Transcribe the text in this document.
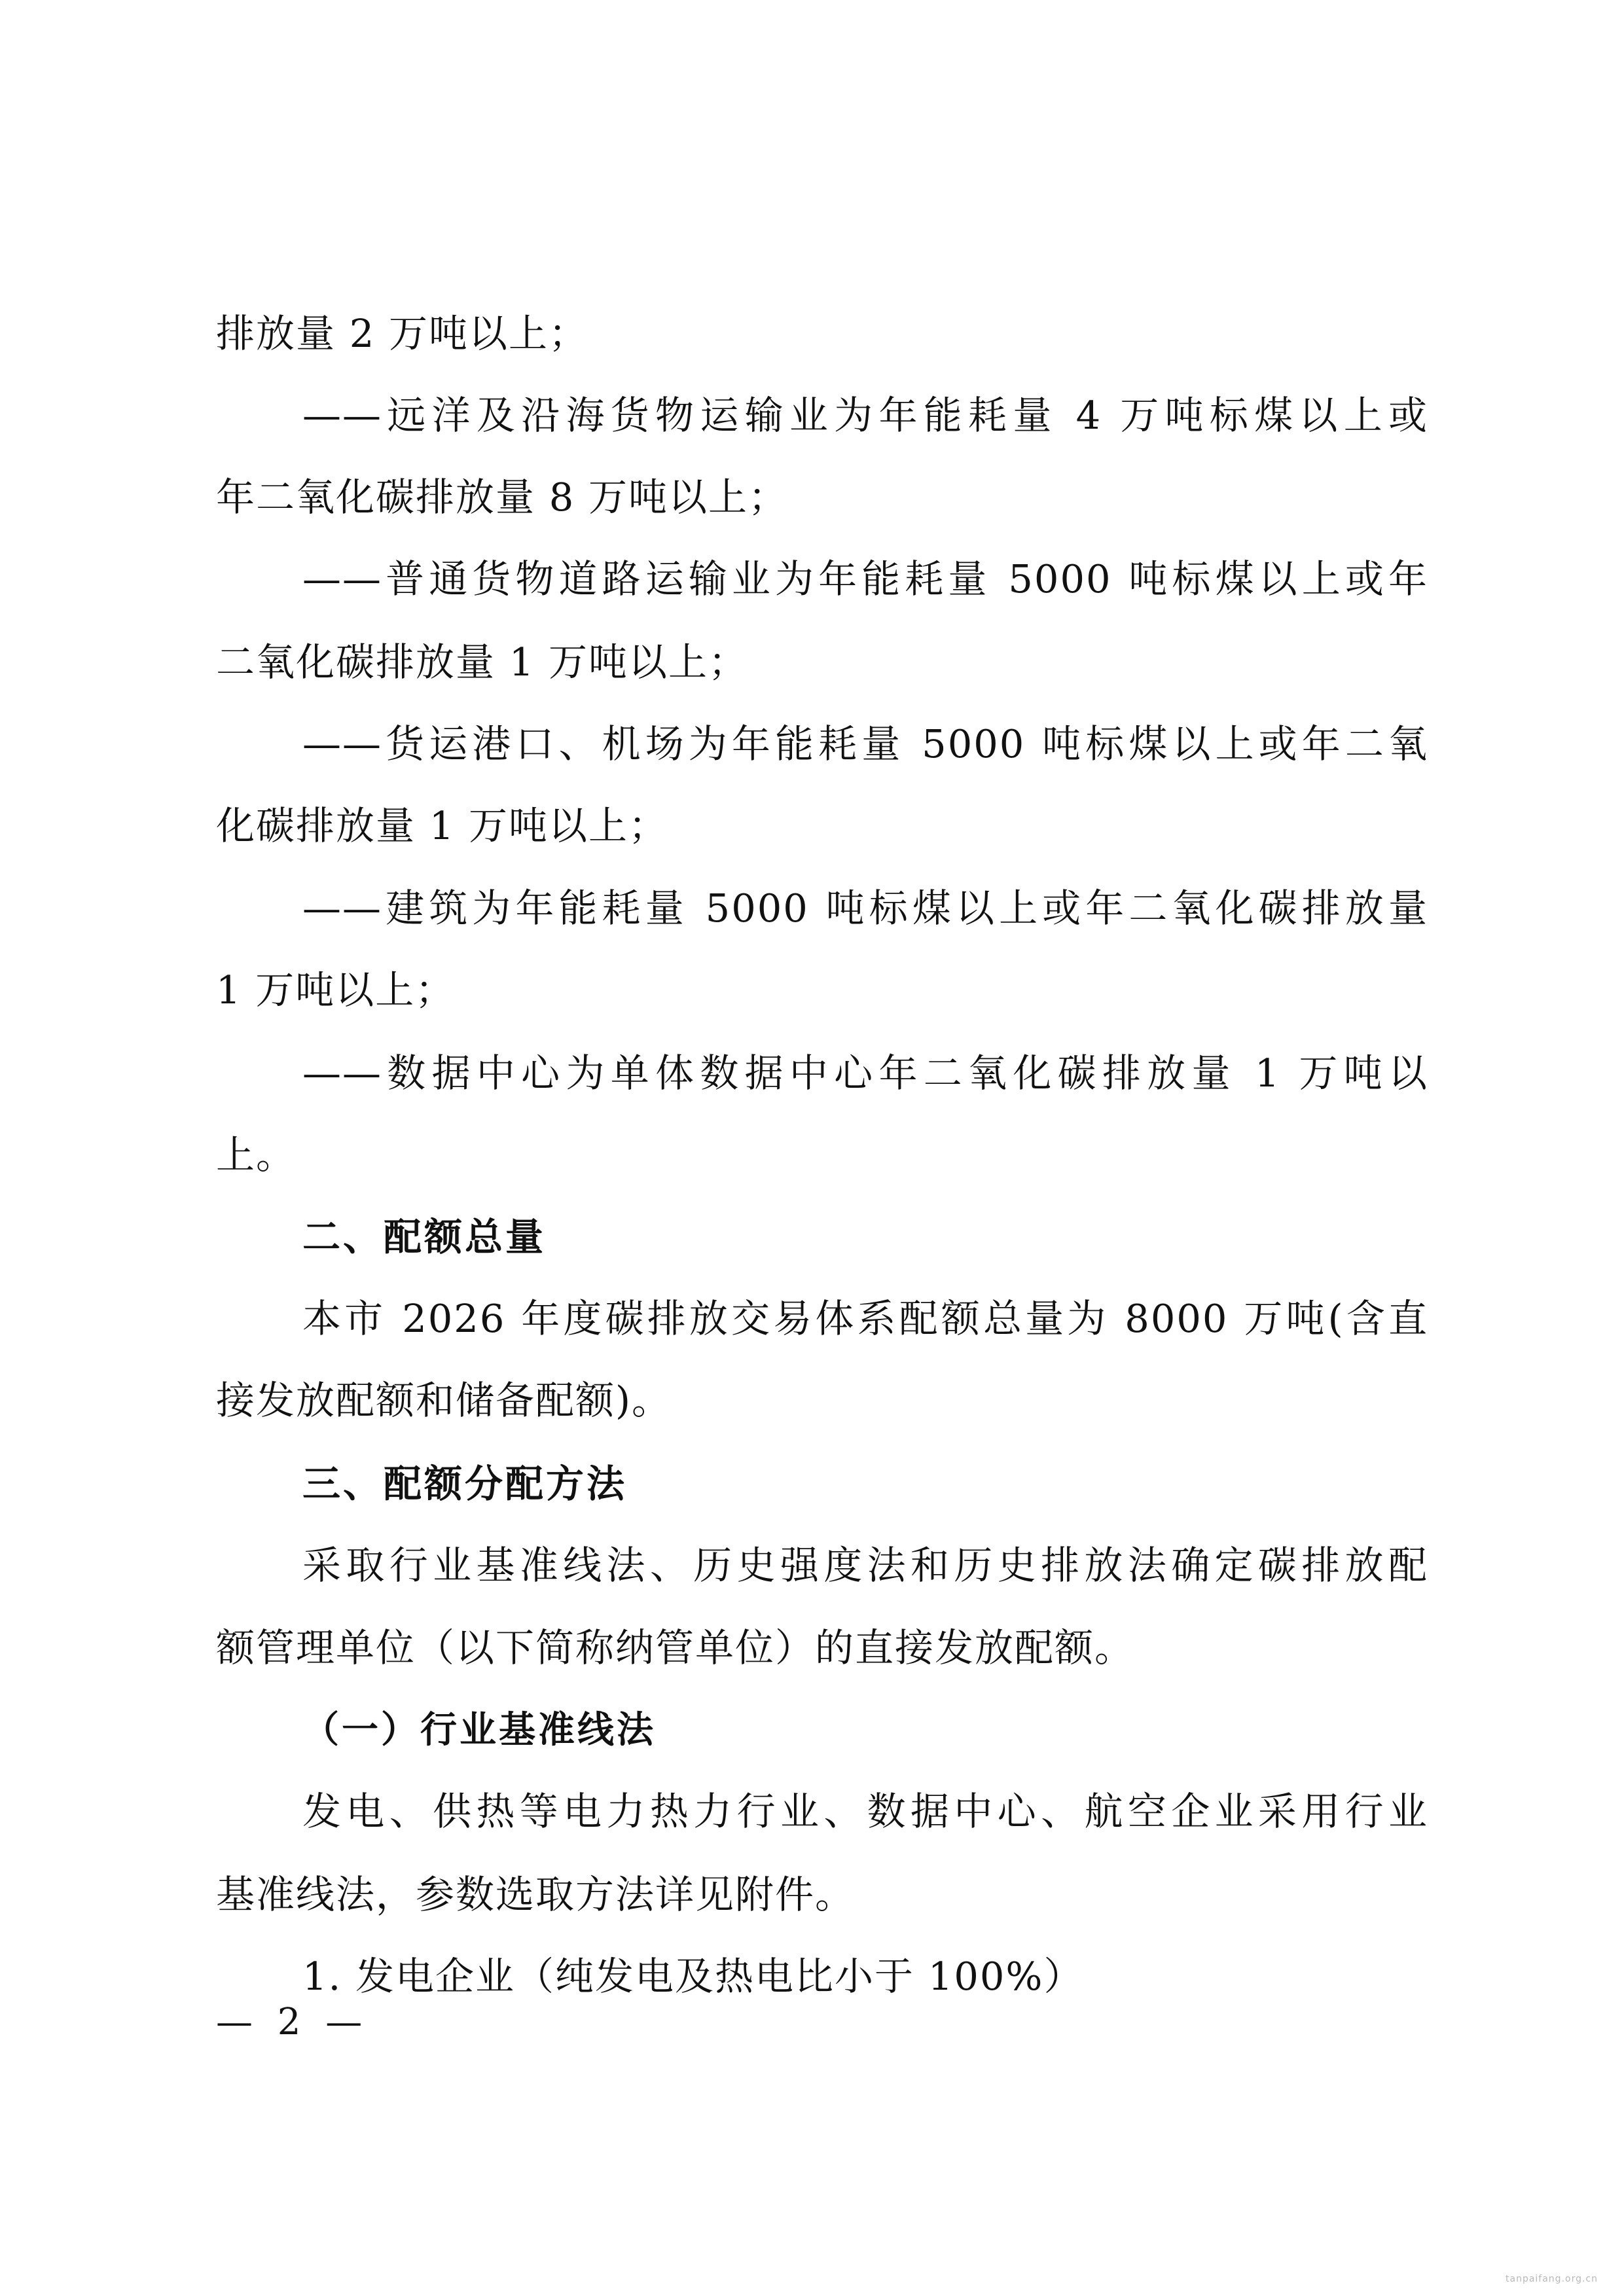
排放量 2 万吨以上；
——远洋及沿海货物运输业为年能耗量 4 万吨标煤以上或
年二氧化碳排放量 8 万吨以上；
——普通货物道路运输业为年能耗量 5000 吨标煤以上或年
二氧化碳排放量 1 万吨以上；
——货运港口、机场为年能耗量 5000 吨标煤以上或年二氧
化碳排放量 1 万吨以上；
——建筑为年能耗量 5000 吨标煤以上或年二氧化碳排放量
1 万吨以上；
——数据中心为单体数据中心年二氧化碳排放量 1 万吨以
上。
二、配额总量
本市 2026 年度碳排放交易体系配额总量为 8000 万吨(含直
接发放配额和储备配额)。
三、配额分配方法
采取行业基准线法、历史强度法和历史排放法确定碳排放配
额管理单位（以下简称纳管单位）的直接发放配额。
（一）行业基准线法
发电、供热等电力热力行业、数据中心、航空企业采用行业
基准线法，参数选取方法详见附件。
1. 发电企业（纯发电及热电比小于 100%）
— 2 —
tanpaifang.org.cn
